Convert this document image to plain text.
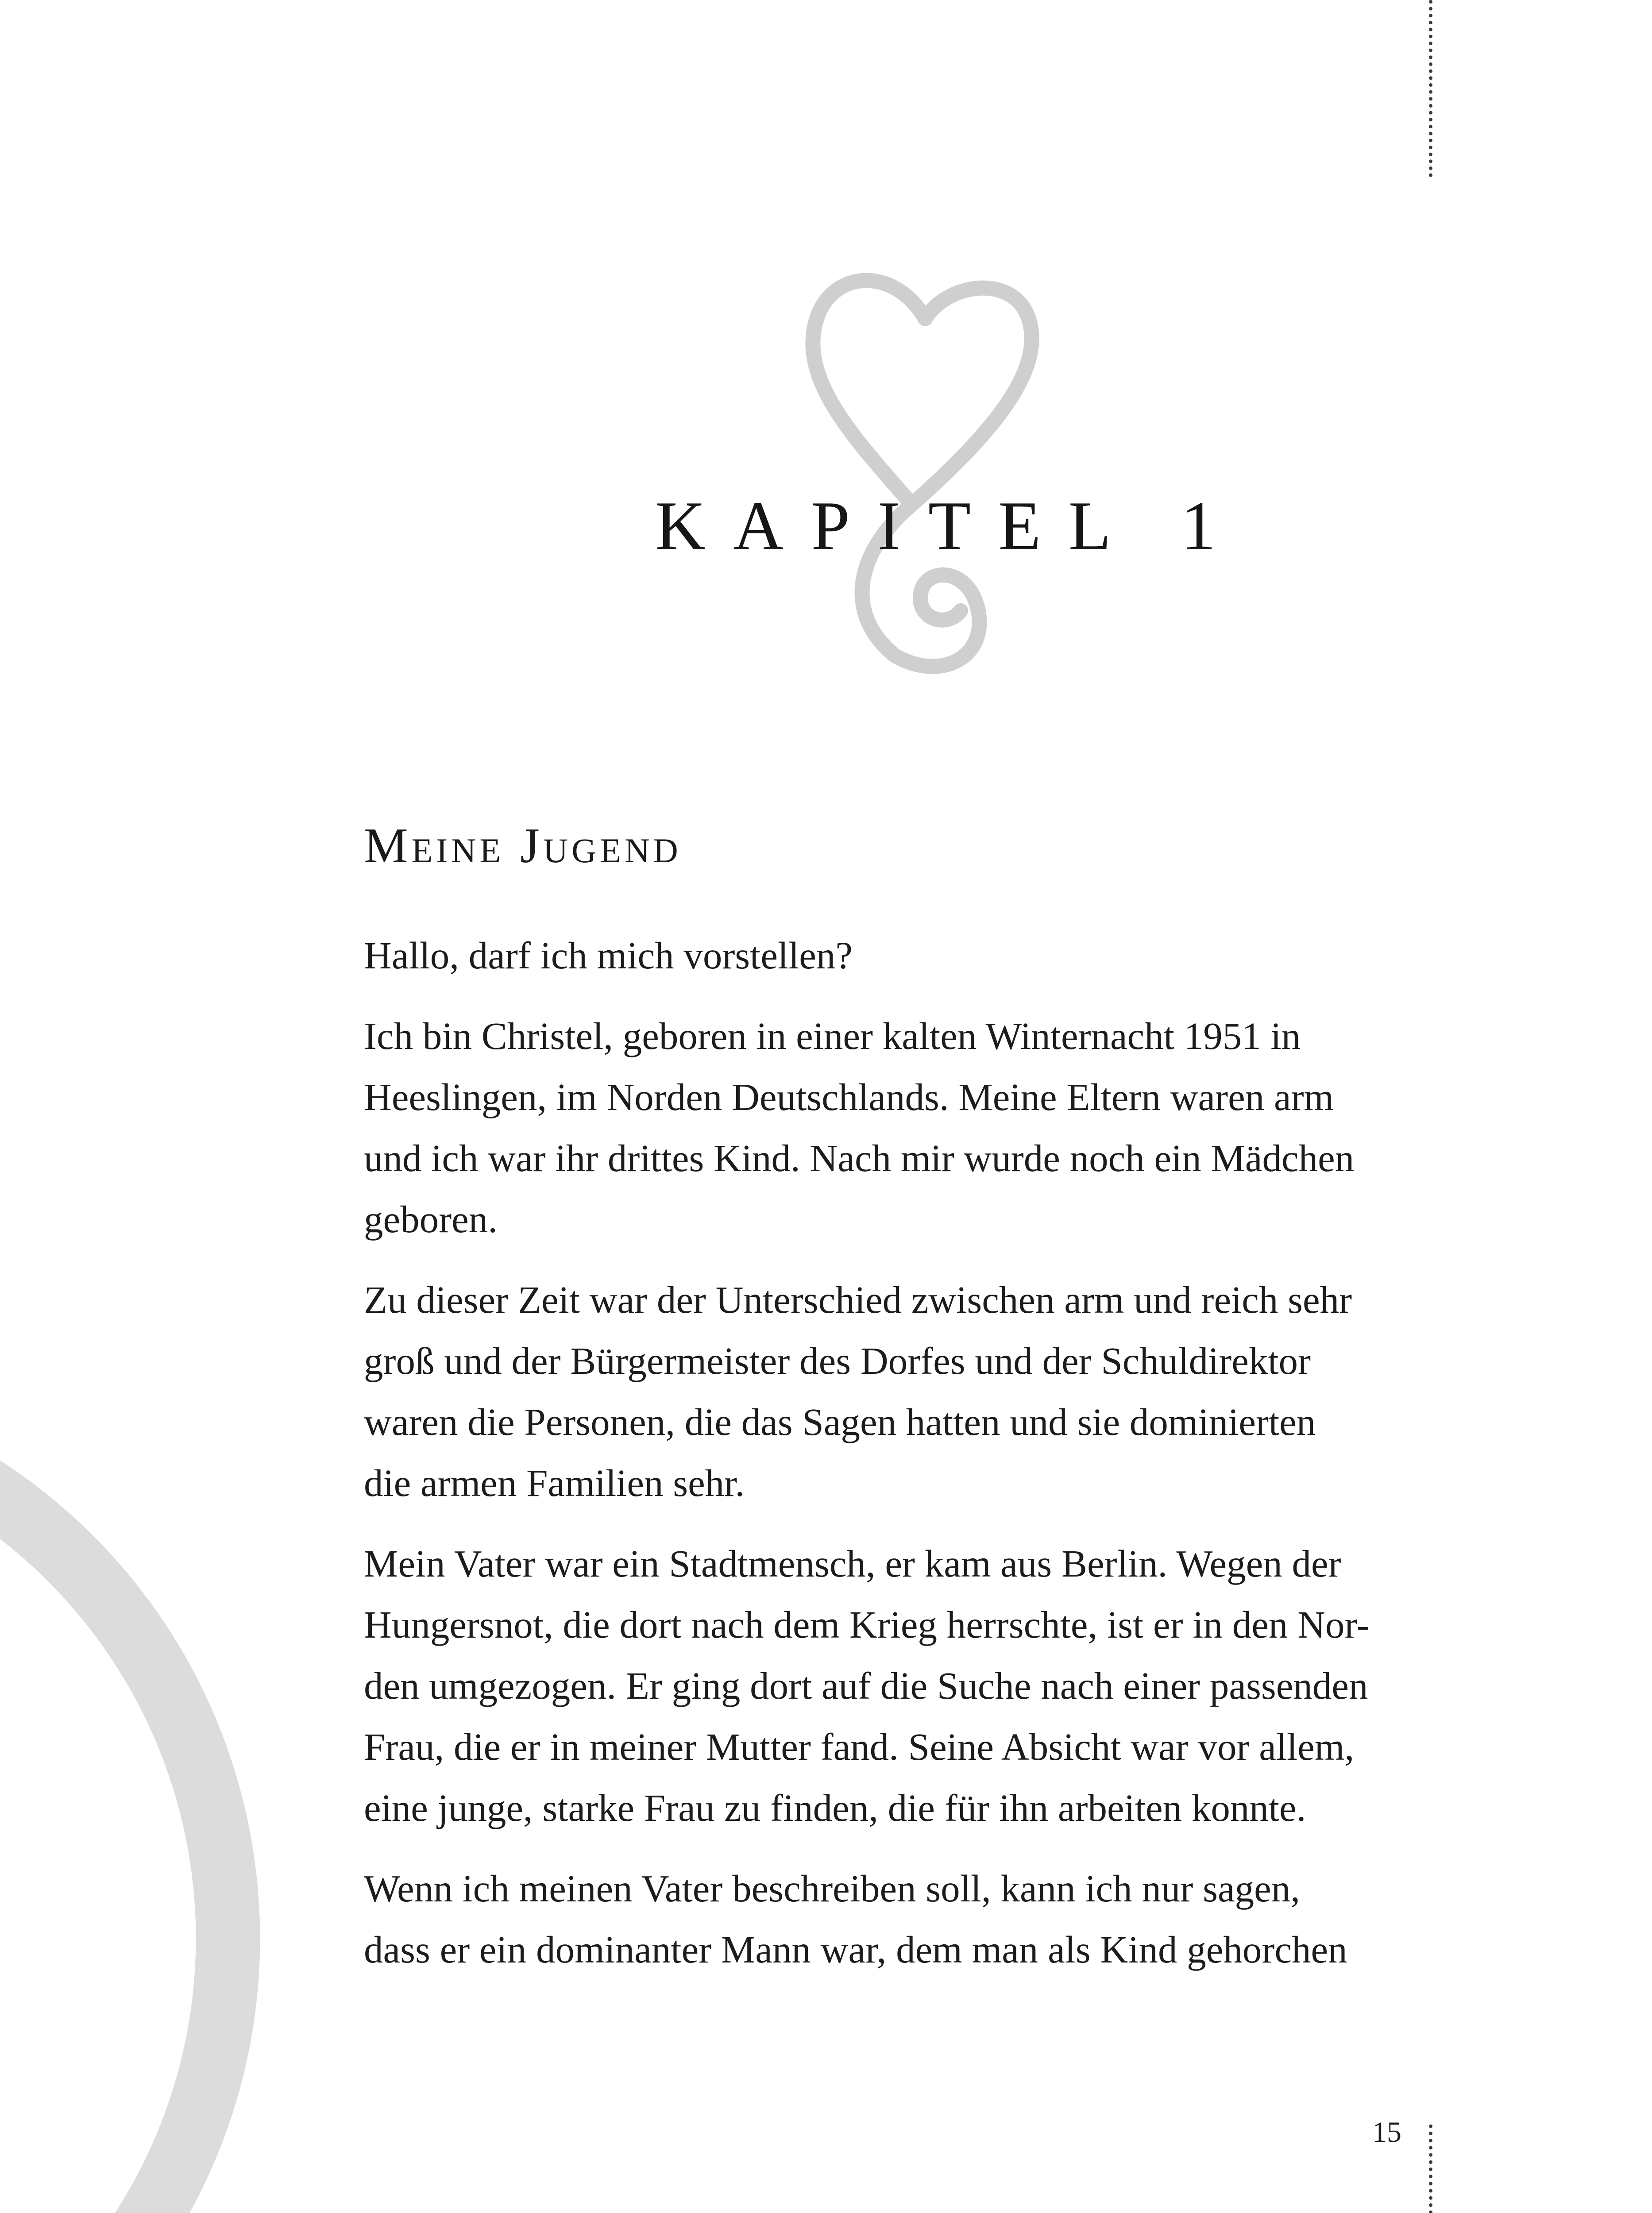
KAPITEL 1
Meine Jugend

Hallo, darf ich mich vorstellen?

Ich bin Christel, geboren in einer kalten Winternacht 1951 in
Heeslingen, im Norden Deutschlands. Meine Eltern waren arm
und ich war ihr drittes Kind. Nach mir wurde noch ein Mädchen
geboren.

Zu dieser Zeit war der Unterschied zwischen arm und reich sehr
groß und der Bürgermeister des Dorfes und der Schuldirektor
waren die Personen, die das Sagen hatten und sie dominierten
die armen Familien sehr.

Mein Vater war ein Stadtmensch, er kam aus Berlin. Wegen der
Hungersnot, die dort nach dem Krieg herrschte, ist er in den Nor-
den umgezogen. Er ging dort auf die Suche nach einer passenden
Frau, die er in meiner Mutter fand. Seine Absicht war vor allem,
eine junge, starke Frau zu finden, die für ihn arbeiten konnte.

Wenn ich meinen Vater beschreiben soll, kann ich nur sagen,
dass er ein dominanter Mann war, dem man als Kind gehorchen

15
